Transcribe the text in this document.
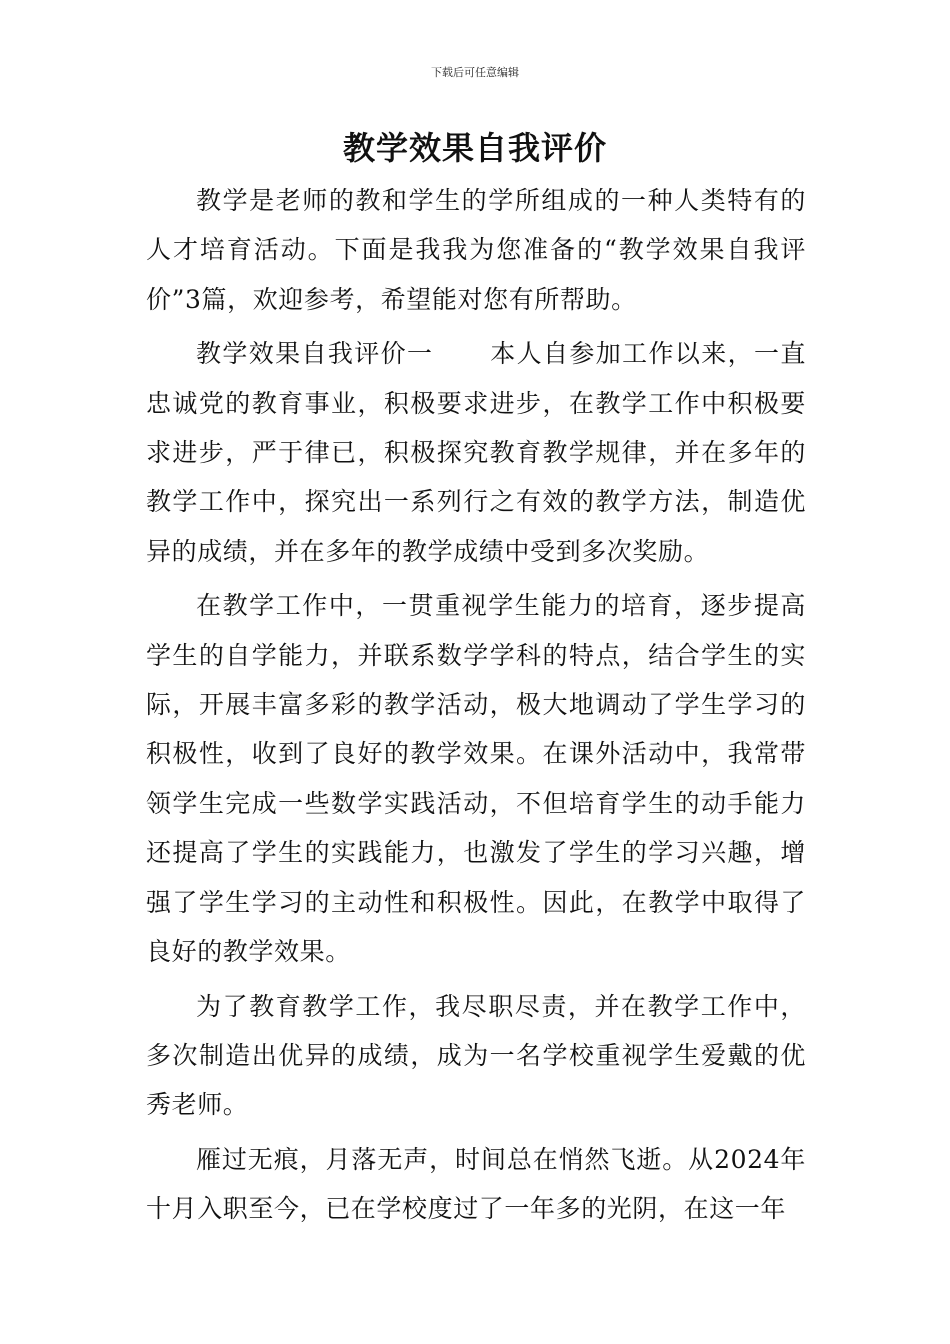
下载后可任意编辑
教学效果自我评价

教学是老师的教和学生的学所组成的一种人类特有的人才培育活动。下面是我我为您准备的“教学效果自我评价”3篇，欢迎参考，希望能对您有所帮助。

教学效果自我评价一 本人自参加工作以来，一直忠诚党的教育事业，积极要求进步，在教学工作中积极要求进步，严于律已，积极探究教育教学规律，并在多年的教学工作中，探究出一系列行之有效的教学方法，制造优异的成绩，并在多年的教学成绩中受到多次奖励。

在教学工作中，一贯重视学生能力的培育，逐步提高学生的自学能力，并联系数学学科的特点，结合学生的实际，开展丰富多彩的教学活动，极大地调动了学生学习的积极性，收到了良好的教学效果。在课外活动中，我常带领学生完成一些数学实践活动，不但培育学生的动手能力还提高了学生的实践能力，也激发了学生的学习兴趣，增强了学生学习的主动性和积极性。因此，在教学中取得了良好的教学效果。

为了教育教学工作，我尽职尽责，并在教学工作中，多次制造出优异的成绩，成为一名学校重视学生爱戴的优秀老师。

雁过无痕，月落无声，时间总在悄然飞逝。从2024年十月入职至今，已在学校度过了一年多的光阴，在这一年
